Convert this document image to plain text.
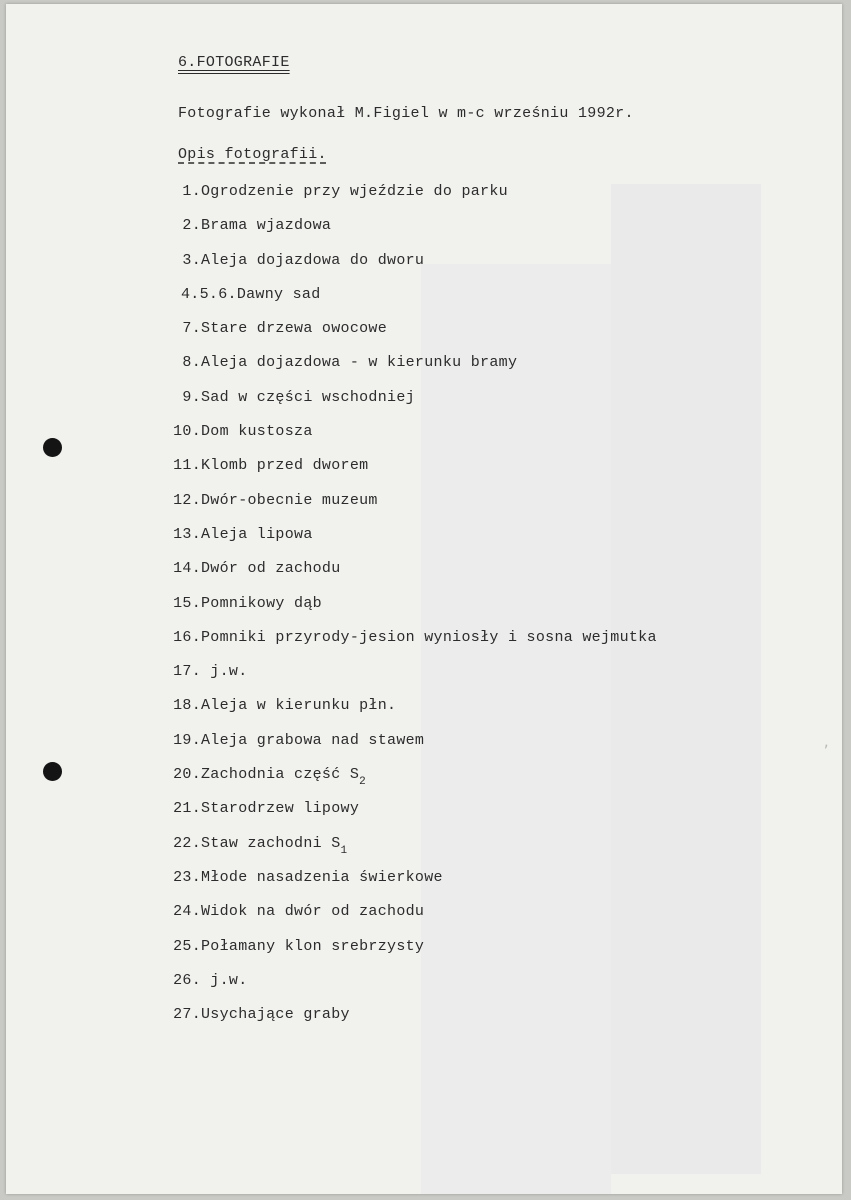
ʼ
6.FOTOGRAFIE
Fotografie wykonał M.Figiel w m-c wrześniu 1992r.
Opis fotografii.
1.Ogrodzenie przy wjeździe do parku
2.Brama wjazdowa
3.Aleja dojazdowa do dworu
4.5.6.Dawny sad
7.Stare drzewa owocowe
8.Aleja dojazdowa - w kierunku bramy
9.Sad w części wschodniej
10.Dom kustosza
11.Klomb przed dworem
12.Dwór-obecnie muzeum
13.Aleja lipowa
14.Dwór od zachodu
15.Pomnikowy dąb
16.Pomniki przyrody-jesion wyniosły i sosna wejmutka
17. j.w.
18.Aleja w kierunku płn.
19.Aleja grabowa nad stawem
20.Zachodnia część $S_2$
21.Starodrzew lipowy
22.Staw zachodni $S_1$
23.Młode nasadzenia świerkowe
24.Widok na dwór od zachodu
25.Połamany klon srebrzysty
26. j.w.
27.Usychające graby
